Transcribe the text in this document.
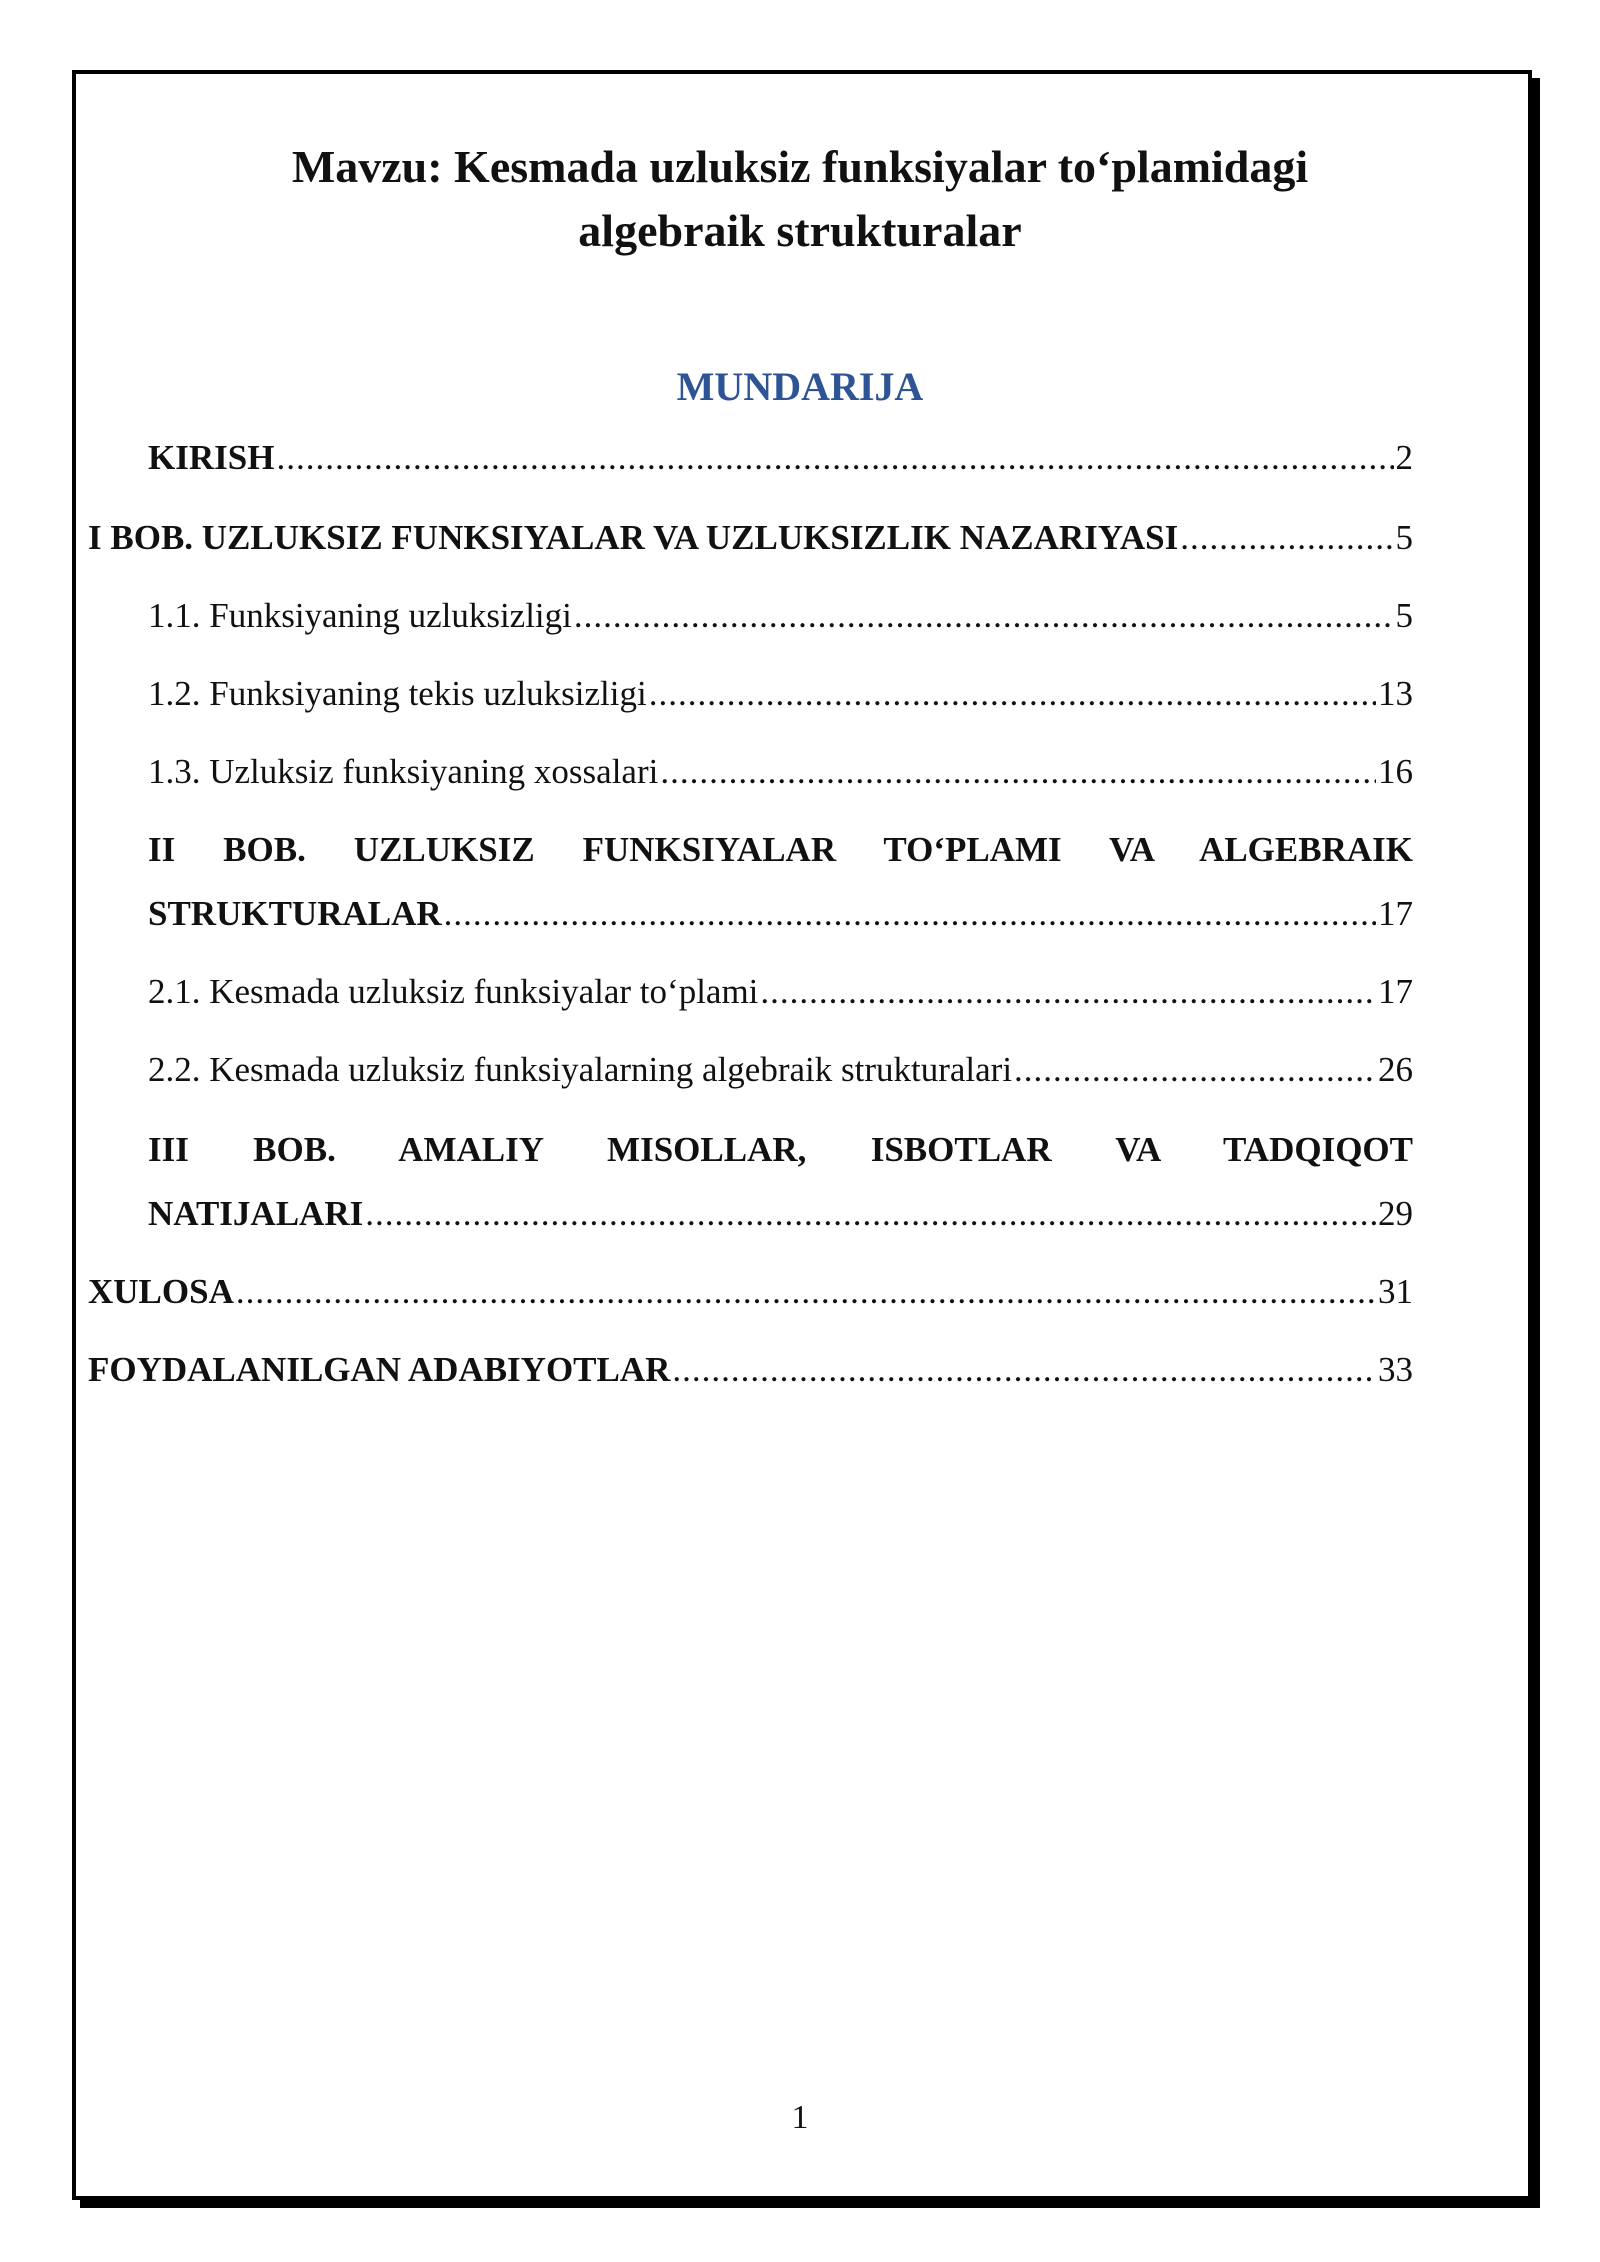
Mavzu: Kesmada uzluksiz funksiyalar to‘plamidagi
algebraik strukturalar
MUNDARIJA
KIRISH .....	2
I BOB. UZLUKSIZ FUNKSIYALAR VA UZLUKSIZLIK NAZARIYASI .....	5
1.1. Funksiyaning uzluksizligi .....	5
1.2. Funksiyaning tekis uzluksizligi .....	13
1.3. Uzluksiz funksiyaning xossalari .....	16
II BOB. UZLUKSIZ FUNKSIYALAR TO‘PLAMI VA ALGEBRAIK
STRUKTURALAR .....	17
2.1. Kesmada uzluksiz funksiyalar to‘plami .....	17
2.2. Kesmada uzluksiz funksiyalarning algebraik strukturalari .....	26
III BOB. AMALIY MISOLLAR, ISBOTLAR VA TADQIQOT
NATIJALARI .....	29
XULOSA .....	31
FOYDALANILGAN ADABIYOTLAR .....	33
1
